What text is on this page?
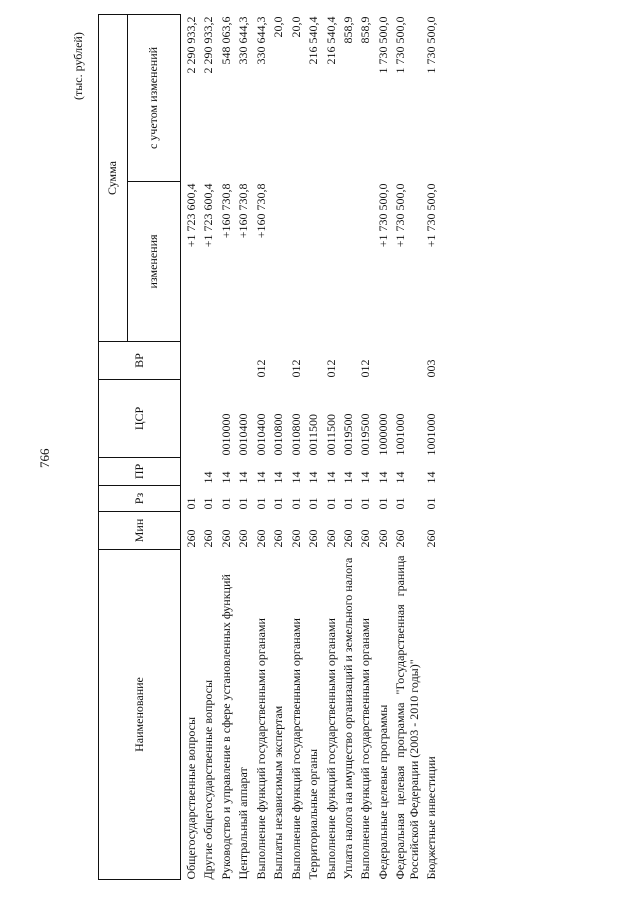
766
(тыс. рублей)
Наименование	Мин	Рз	ПР	ЦСР	ВР	Сумма	
						изменения	с учетом изменений

Общегосударственные вопросы	260	01				+1 723 600,4	2 290 933,2

Другие общегосударственные вопросы	260	01	14			+1 723 600,4	2 290 933,2

Руководство и управление в сфере установленных функций	260	01	14	0010000		+160 730,8	548 063,6

Центральный аппарат	260	01	14	0010400		+160 730,8	330 644,3

Выполнение функций государственными органами	260	01	14	0010400	012	+160 730,8	330 644,3

Выплаты независимым экспертам	260	01	14	0010800			20,0

Выполнение функций государственными органами	260	01	14	0010800	012		20,0

Территориальные органы	260	01	14	0011500			216 540,4

Выполнение функций государственными органами	260	01	14	0011500	012		216 540,4

Уплата налога на имущество организаций и земельного налога	260	01	14	0019500			858,9

Выполнение функций государственными органами	260	01	14	0019500	012		858,9

Федеральные целевые программы	260	01	14	1000000		+1 730 500,0	1 730 500,0

Федеральная целевая программа "Государственная граница Российской Федерации (2003 - 2010 годы)"	260	01	14	1001000		+1 730 500,0	1 730 500,0

Бюджетные инвестиции	260	01	14	1001000	003	+1 730 500,0	1 730 500,0
